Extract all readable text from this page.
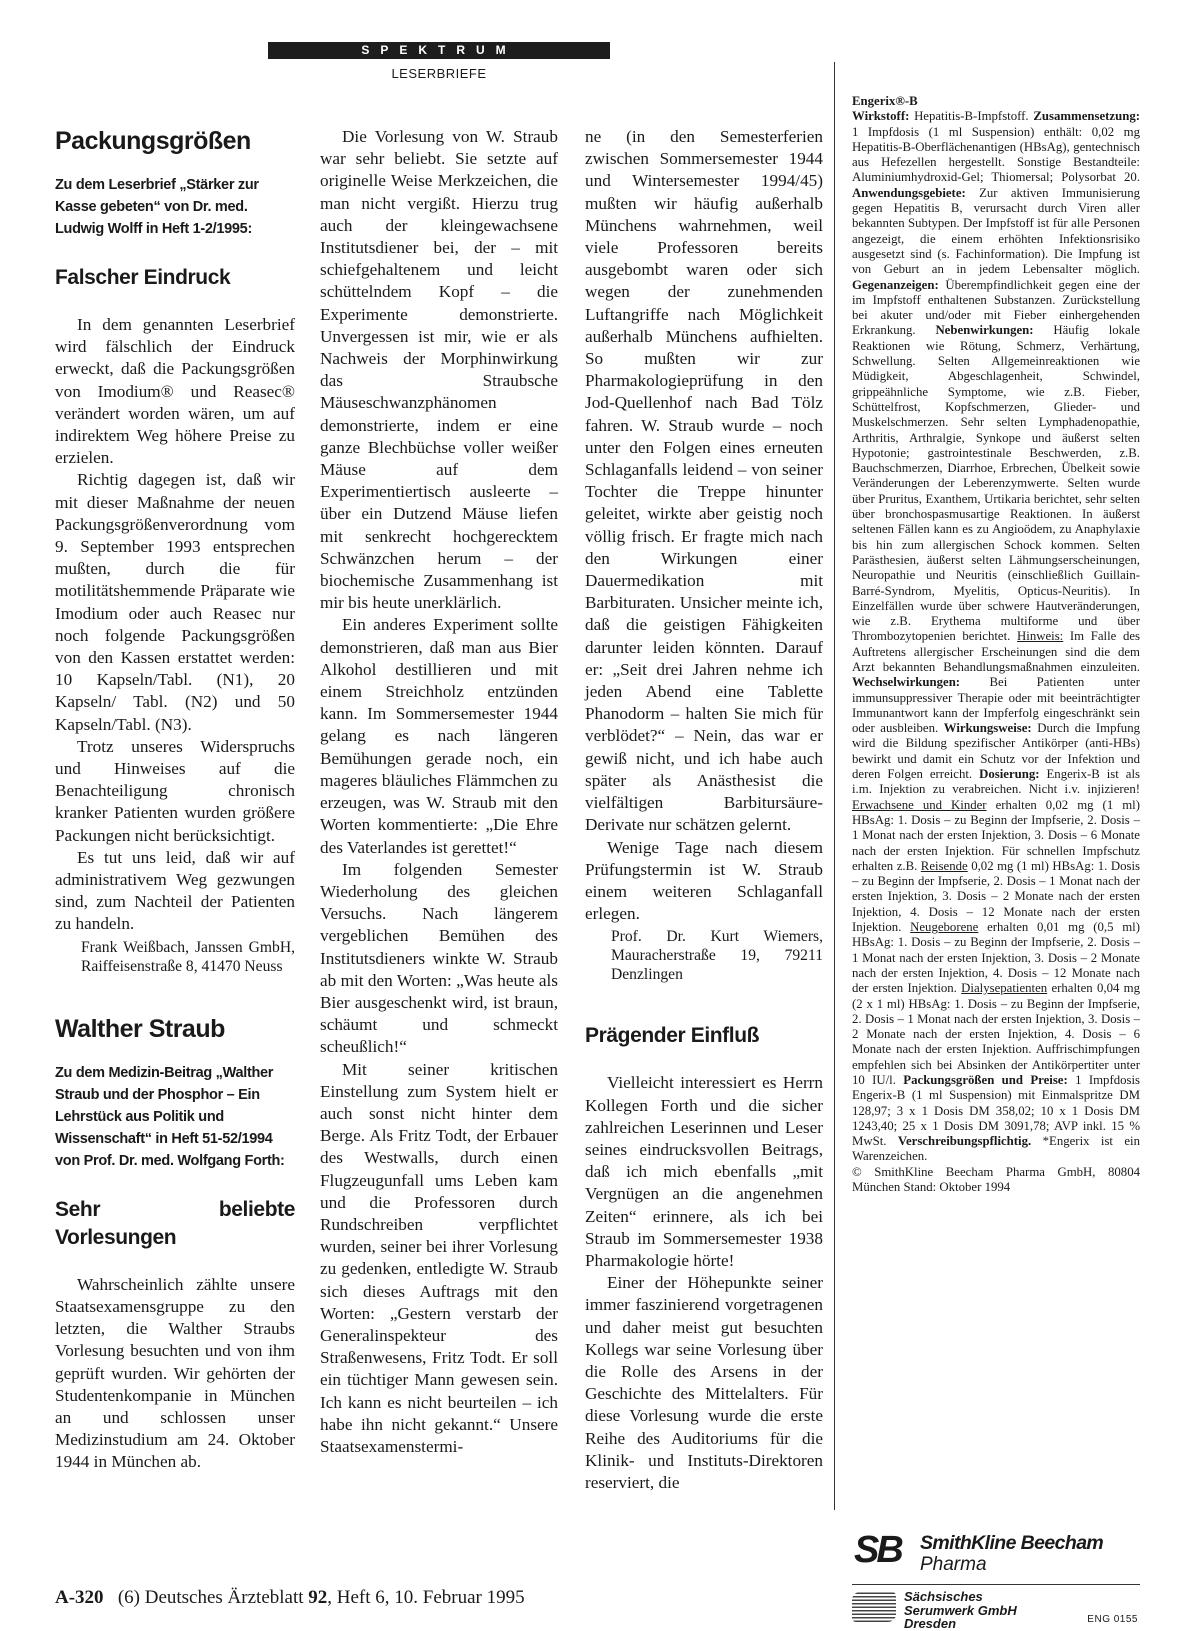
SPEKTRUM
LESERBRIEFE
Packungsgrößen
Zu dem Leserbrief „Stärker zur Kasse gebeten“ von Dr. med. Ludwig Wolff in Heft 1-2/1995:
Falscher Eindruck

In dem genannten Leserbrief wird fälschlich der Eindruck erweckt, daß die Packungsgrößen von Imodium® und Reasec® verändert worden wären, um auf indirektem Weg höhere Preise zu erzielen.

Richtig dagegen ist, daß wir mit dieser Maßnahme der neuen Packungsgrößenverordnung vom 9. September 1993 entsprechen mußten, durch die für motilitätshemmende Präparate wie Imodium oder auch Reasec nur noch folgende Packungsgrößen von den Kassen erstattet werden: 10 Kapseln/Tabl. (N1), 20 Kapseln/ Tabl. (N2) und 50 Kapseln/Tabl. (N3).

Trotz unseres Widerspruchs und Hinweises auf die Benachteiligung chronisch kranker Patienten wurden größere Packungen nicht berücksichtigt.

Es tut uns leid, daß wir auf administrativem Weg gezwungen sind, zum Nachteil der Patienten zu handeln.

Frank Weißbach, Janssen GmbH, Raiffeisenstraße 8, 41470 Neuss

Walther Straub
Zu dem Medizin-Beitrag „Walther Straub und der Phosphor – Ein Lehrstück aus Politik und Wissenschaft“ in Heft 51-52/1994 von Prof. Dr. med. Wolfgang Forth:
Sehr beliebte Vorlesungen

Wahrscheinlich zählte unsere Staatsexamensgruppe zu den letzten, die Walther Straubs Vorlesung besuchten und von ihm geprüft wurden. Wir gehörten der Studentenkompanie in München an und schlossen unser Medizinstudium am 24. Oktober 1944 in München ab.

Die Vorlesung von W. Straub war sehr beliebt. Sie setzte auf originelle Weise Merkzeichen, die man nicht vergißt. Hierzu trug auch der kleingewachsene Institutsdiener bei, der – mit schiefgehaltenem und leicht schüttelndem Kopf – die Experimente demonstrierte. Unvergessen ist mir, wie er als Nachweis der Morphinwirkung das Straubsche Mäuseschwanzphänomen demonstrierte, indem er eine ganze Blechbüchse voller weißer Mäuse auf dem Experimentiertisch ausleerte – über ein Dutzend Mäuse liefen mit senkrecht hochgerecktem Schwänzchen herum – der biochemische Zusammenhang ist mir bis heute unerklärlich.

Ein anderes Experiment sollte demonstrieren, daß man aus Bier Alkohol destillieren und mit einem Streichholz entzünden kann. Im Sommersemester 1944 gelang es nach längeren Bemühungen gerade noch, ein mageres bläuliches Flämmchen zu erzeugen, was W. Straub mit den Worten kommentierte: „Die Ehre des Vaterlandes ist gerettet!“

Im folgenden Semester Wiederholung des gleichen Versuchs. Nach längerem vergeblichen Bemühen des Institutsdieners winkte W. Straub ab mit den Worten: „Was heute als Bier ausgeschenkt wird, ist braun, schäumt und schmeckt scheußlich!“

Mit seiner kritischen Einstellung zum System hielt er auch sonst nicht hinter dem Berge. Als Fritz Todt, der Erbauer des Westwalls, durch einen Flugzeugunfall ums Leben kam und die Professoren durch Rundschreiben verpflichtet wurden, seiner bei ihrer Vorlesung zu gedenken, entledigte W. Straub sich dieses Auftrags mit den Worten: „Gestern verstarb der Generalinspekteur des Straßenwesens, Fritz Todt. Er soll ein tüchtiger Mann gewesen sein. Ich kann es nicht beurteilen – ich habe ihn nicht gekannt.“ Unsere Staatsexamenstermi-

ne (in den Semesterferien zwischen Sommersemester 1944 und Wintersemester 1994/45) mußten wir häufig außerhalb Münchens wahrnehmen, weil viele Professoren bereits ausgebombt waren oder sich wegen der zunehmenden Luftangriffe nach Möglichkeit außerhalb Münchens aufhielten. So mußten wir zur Pharmakologieprüfung in den Jod-Quellenhof nach Bad Tölz fahren. W. Straub wurde – noch unter den Folgen eines erneuten Schlaganfalls leidend – von seiner Tochter die Treppe hinunter geleitet, wirkte aber geistig noch völlig frisch. Er fragte mich nach den Wirkungen einer Dauermedikation mit Barbituraten. Unsicher meinte ich, daß die geistigen Fähigkeiten darunter leiden könnten. Darauf er: „Seit drei Jahren nehme ich jeden Abend eine Tablette Phanodorm – halten Sie mich für verblödet?“ – Nein, das war er gewiß nicht, und ich habe auch später als Anästhesist die vielfältigen Barbitursäure-Derivate nur schätzen gelernt.

Wenige Tage nach diesem Prüfungstermin ist W. Straub einem weiteren Schlaganfall erlegen.

Prof. Dr. Kurt Wiemers, Mauracherstraße 19, 79211 Denzlingen

Prägender Einfluß

Vielleicht interessiert es Herrn Kollegen Forth und die sicher zahlreichen Leserinnen und Leser seines eindrucksvollen Beitrags, daß ich mich ebenfalls „mit Vergnügen an die angenehmen Zeiten“ erinnere, als ich bei Straub im Sommersemester 1938 Pharmakologie hörte!

Einer der Höhepunkte seiner immer faszinierend vorgetragenen und daher meist gut besuchten Kollegs war seine Vorlesung über die Rolle des Arsens in der Geschichte des Mittelalters. Für diese Vorlesung wurde die erste Reihe des Auditoriums für die Klinik- und Instituts-Direktoren reserviert, die

Engerix®-B
Wirkstoff: Hepatitis-B-Impfstoff. Zusammensetzung: 1 Impfdosis (1 ml Suspension) enthält: 0,02 mg Hepatitis-B-Oberflächenantigen (HBsAg), gentechnisch aus Hefezellen hergestellt. Sonstige Bestandteile: Aluminiumhydroxid-Gel; Thiomersal; Polysorbat 20. Anwendungsgebiete: Zur aktiven Immunisierung gegen Hepatitis B, verursacht durch Viren aller bekannten Subtypen. Der Impfstoff ist für alle Personen angezeigt, die einem erhöhten Infektionsrisiko ausgesetzt sind (s. Fachinformation). Die Impfung ist von Geburt an in jedem Lebensalter möglich. Gegenanzeigen: Überempfindlichkeit gegen eine der im Impfstoff enthaltenen Substanzen. Zurückstellung bei akuter und/oder mit Fieber einhergehenden Erkrankung. Nebenwirkungen: Häufig lokale Reaktionen wie Rötung, Schmerz, Verhärtung, Schwellung. Selten Allgemeinreaktionen wie Müdigkeit, Abgeschlagenheit, Schwindel, grippeähnliche Symptome, wie z.B. Fieber, Schüttelfrost, Kopfschmerzen, Glieder- und Muskelschmerzen. Sehr selten Lymphadenopathie, Arthritis, Arthralgie, Synkope und äußerst selten Hypotonie; gastrointestinale Beschwerden, z.B. Bauchschmerzen, Diarrhoe, Erbrechen, Übelkeit sowie Veränderungen der Leberenzymwerte. Selten wurde über Pruritus, Exanthem, Urtikaria berichtet, sehr selten über bronchospasmusartige Reaktionen. In äußerst seltenen Fällen kann es zu Angioödem, zu Anaphylaxie bis hin zum allergischen Schock kommen. Selten Parästhesien, äußerst selten Lähmungserscheinungen, Neuropathie und Neuritis (einschließlich Guillain-Barré-Syndrom, Myelitis, Opticus-Neuritis). In Einzelfällen wurde über schwere Hautveränderungen, wie z.B. Erythema multiforme und über Thrombozytopenien berichtet. Hinweis: Im Falle des Auftretens allergischer Erscheinungen sind die dem Arzt bekannten Behandlungsmaßnahmen einzuleiten. Wechselwirkungen: Bei Patienten unter immunsuppressiver Therapie oder mit beeinträchtigter Immunantwort kann der Impferfolg eingeschränkt sein oder ausbleiben. Wirkungsweise: Durch die Impfung wird die Bildung spezifischer Antikörper (anti-HBs) bewirkt und damit ein Schutz vor der Infektion und deren Folgen erreicht. Dosierung: Engerix-B ist als i.m. Injektion zu verabreichen. Nicht i.v. injizieren! Erwachsene und Kinder erhalten 0,02 mg (1 ml) HBsAg: 1. Dosis – zu Beginn der Impfserie, 2. Dosis – 1 Monat nach der ersten Injektion, 3. Dosis – 6 Monate nach der ersten Injektion. Für schnellen Impfschutz erhalten z.B. Reisende 0,02 mg (1 ml) HBsAg: 1. Dosis – zu Beginn der Impfserie, 2. Dosis – 1 Monat nach der ersten Injektion, 3. Dosis – 2 Monate nach der ersten Injektion, 4. Dosis – 12 Monate nach der ersten Injektion. Neugeborene erhalten 0,01 mg (0,5 ml) HBsAg: 1. Dosis – zu Beginn der Impfserie, 2. Dosis – 1 Monat nach der ersten Injektion, 3. Dosis – 2 Monate nach der ersten Injektion, 4. Dosis – 12 Monate nach der ersten Injektion. Dialysepatienten erhalten 0,04 mg (2 x 1 ml) HBsAg: 1. Dosis – zu Beginn der Impfserie, 2. Dosis – 1 Monat nach der ersten Injektion, 3. Dosis – 2 Monate nach der ersten Injektion, 4. Dosis – 6 Monate nach der ersten Injektion. Auffrischimpfungen empfehlen sich bei Absinken der Antikörpertiter unter 10 IU/l. Packungsgrößen und Preise: 1 Impfdosis Engerix-B (1 ml Suspension) mit Einmalspritze DM 128,97; 3 x 1 Dosis DM 358,02; 10 x 1 Dosis DM 1243,40; 25 x 1 Dosis DM 3091,78; AVP inkl. 15 % MwSt. Verschreibungspflichtig. *Engerix ist ein Warenzeichen.
© SmithKline Beecham Pharma GmbH, 80804 München Stand: Oktober 1994
SB SmithKline Beecham
Pharma
Sächsisches
Serumwerk GmbH
Dresden	ENG 0155
A-320 (6) Deutsches Ärzteblatt 92, Heft 6, 10. Februar 1995
